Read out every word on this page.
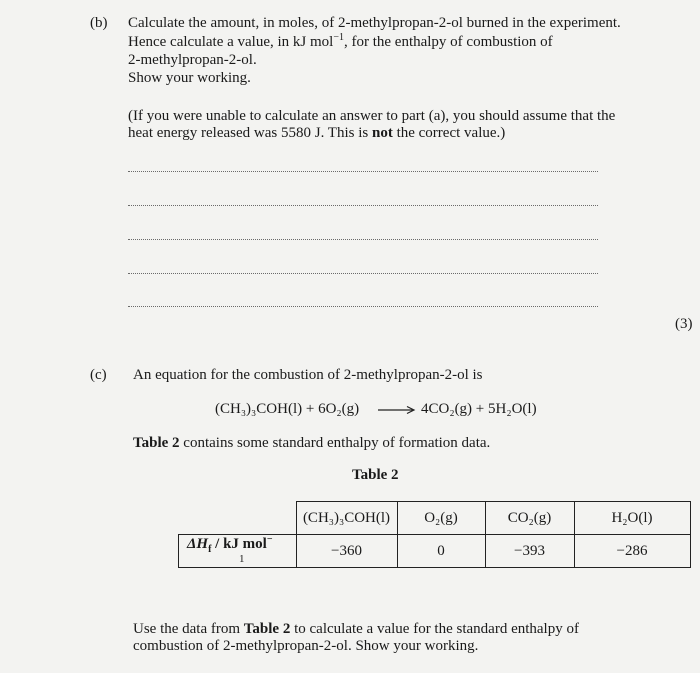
(b) Calculate the amount, in moles, of 2-methylpropan-2-ol burned in the experiment.
Hence calculate a value, in kJ mol$^{-1}$, for the enthalpy of combustion of
2-methylpropan-2-ol.
Show your working.
(If you were unable to calculate an answer to part (a), you should assume that the
heat energy released was 5580 J. This is not the correct value.)
(3)
(c) An equation for the combustion of 2-methylpropan-2-ol is
(CH₃)₃COH(l) + 6O₂(g) → 4CO₂(g) + 5H₂O(l)
Table 2 contains some standard enthalpy of formation data.
Table 2
	(CH₃)₃COH(l)	O₂(g)	CO₂(g)	H₂O(l)
$\Delta H_f$ / kJ mol−
1	−360	0	−393	−286
Use the data from Table 2 to calculate a value for the standard enthalpy of
combustion of 2-methylpropan-2-ol. Show your working.
